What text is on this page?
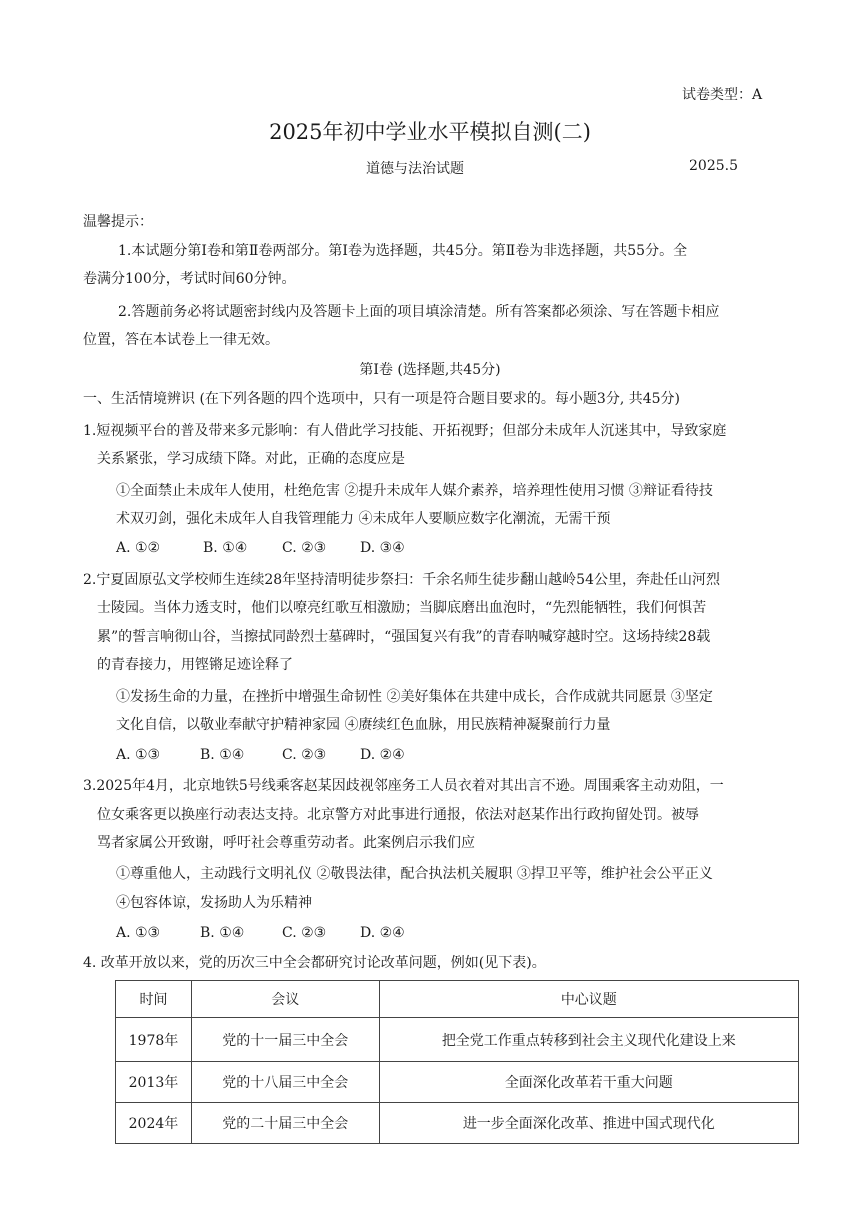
试卷类型：A
2025年初中学业水平模拟自测(二)
道德与法治试题	2025.5
温馨提示：
1.本试题分第Ⅰ卷和第Ⅱ卷两部分。第Ⅰ卷为选择题，共45分。第Ⅱ卷为非选择题，共55分。全
卷满分100分，考试时间60分钟。
2.答题前务必将试题密封线内及答题卡上面的项目填涂清楚。所有答案都必须涂、写在答题卡相应
位置，答在本试卷上一律无效。
第Ⅰ卷 (选择题,共45分)
一、生活情境辨识 (在下列各题的四个选项中，只有一项是符合题目要求的。每小题3分, 共45分)
1.短视频平台的普及带来多元影响：有人借此学习技能、开拓视野；但部分未成年人沉迷其中，导致家庭
关系紧张，学习成绩下降。对此，正确的态度应是
①全面禁止未成年人使用，杜绝危害 ②提升未成年人媒介素养，培养理性使用习惯 ③辩证看待技
术双刃剑，强化未成年人自我管理能力 ④未成年人要顺应数字化潮流，无需干预
A. ①②	B. ①④ C. ②③ D. ③④
2.宁夏固原弘文学校师生连续28年坚持清明徒步祭扫：千余名师生徒步翻山越岭54公里，奔赴任山河烈
士陵园。当体力透支时，他们以嘹亮红歌互相激励；当脚底磨出血泡时，“先烈能牺牲，我们何惧苦
累”的誓言响彻山谷，当擦拭同龄烈士墓碑时，“强国复兴有我”的青春呐喊穿越时空。这场持续28载
的青春接力，用铿锵足迹诠释了
①发扬生命的力量，在挫折中增强生命韧性 ②美好集体在共建中成长，合作成就共同愿景 ③坚定
文化自信，以敬业奉献守护精神家园 ④赓续红色血脉，用民族精神凝聚前行力量
A. ①③	B. ①④	C. ②③ D. ②④
3.2025年4月，北京地铁5号线乘客赵某因歧视邻座务工人员衣着对其出言不逊。周围乘客主动劝阻，一
位女乘客更以换座行动表达支持。北京警方对此事进行通报，依法对赵某作出行政拘留处罚。被辱
骂者家属公开致谢，呼吁社会尊重劳动者。此案例启示我们应
①尊重他人，主动践行文明礼仪 ②敬畏法律，配合执法机关履职 ③捍卫平等，维护社会公平正义
④包容体谅，发扬助人为乐精神
A. ①③	B. ①④	C. ②③ D. ②④
4. 改革开放以来，党的历次三中全会都研究讨论改革问题，例如(见下表)。
时间	会议	中心议题
1978年	党的十一届三中全会	把全党工作重点转移到社会主义现代化建设上来
2013年	党的十八届三中全会	全面深化改革若干重大问题
2024年	党的二十届三中全会	进一步全面深化改革、推进中国式现代化
